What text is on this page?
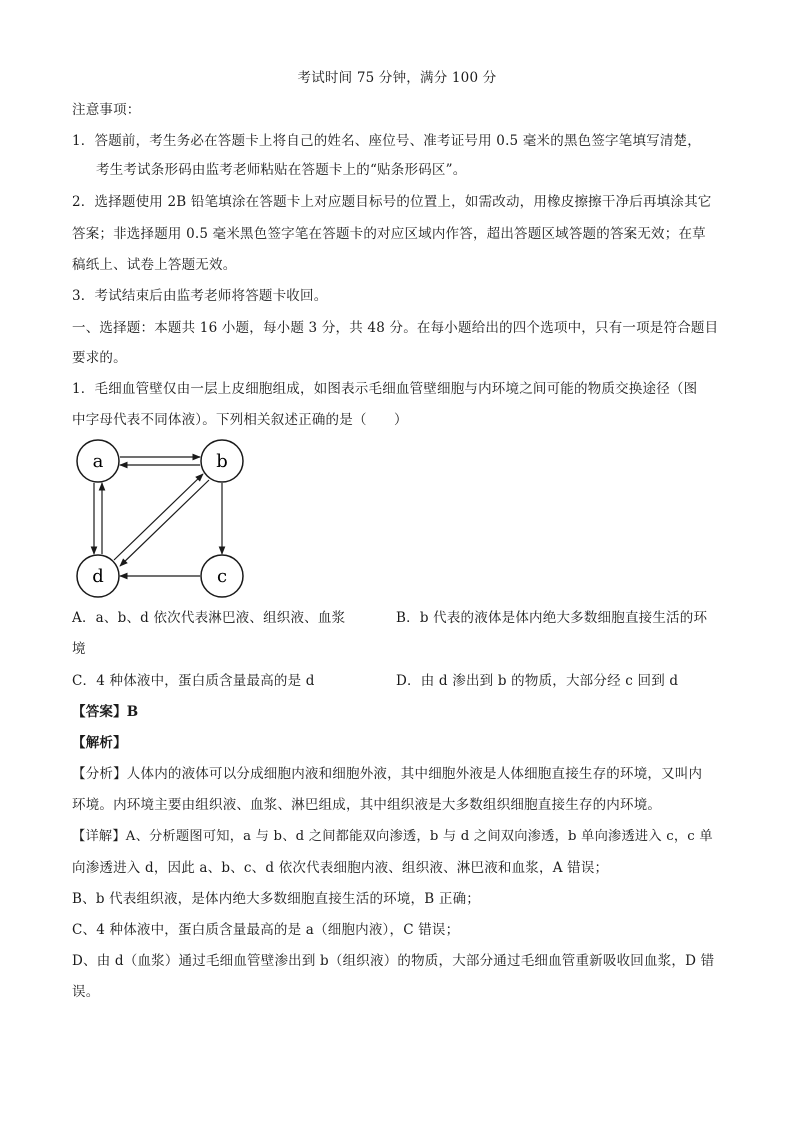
考试时间 75 分钟，满分 100 分
注意事项：
1．答题前，考生务必在答题卡上将自己的姓名、座位号、准考证号用 0.5 毫米的黑色签字笔填写清楚，
考生考试条形码由监考老师粘贴在答题卡上的“贴条形码区”。
2．选择题使用 2B 铅笔填涂在答题卡上对应题目标号的位置上，如需改动，用橡皮擦擦干净后再填涂其它
答案；非选择题用 0.5 毫米黑色签字笔在答题卡的对应区域内作答，超出答题区域答题的答案无效；在草
稿纸上、试卷上答题无效。
3．考试结束后由监考老师将答题卡收回。
一、选择题：本题共 16 小题，每小题 3 分，共 48 分。在每小题给出的四个选项中，只有一项是符合题目
要求的。
1．毛细血管壁仅由一层上皮细胞组成，如图表示毛细血管壁细胞与内环境之间可能的物质交换途径（图
中字母代表不同体液）。下列相关叙述正确的是（　　）
a	b
c
d
A．a、b、d 依次代表淋巴液、组织液、血浆	B．b 代表的液体是体内绝大多数细胞直接生活的环
境
C．4 种体液中，蛋白质含量最高的是 d	D．由 d 渗出到 b 的物质，大部分经 c 回到 d
【答案】B
【解析】
【分析】人体内的液体可以分成细胞内液和细胞外液，其中细胞外液是人体细胞直接生存的环境，又叫内
环境。内环境主要由组织液、血浆、淋巴组成，其中组织液是大多数组织细胞直接生存的内环境。
【详解】A、分析题图可知，a 与 b、d 之间都能双向渗透，b 与 d 之间双向渗透，b 单向渗透进入 c，c 单
向渗透进入 d，因此 a、b、c、d 依次代表细胞内液、组织液、淋巴液和血浆，A 错误；
B、b 代表组织液，是体内绝大多数细胞直接生活的环境，B 正确；
C、4 种体液中，蛋白质含量最高的是 a（细胞内液），C 错误；
D、由 d（血浆）通过毛细血管壁渗出到 b（组织液）的物质，大部分通过毛细血管重新吸收回血浆，D 错
误。
